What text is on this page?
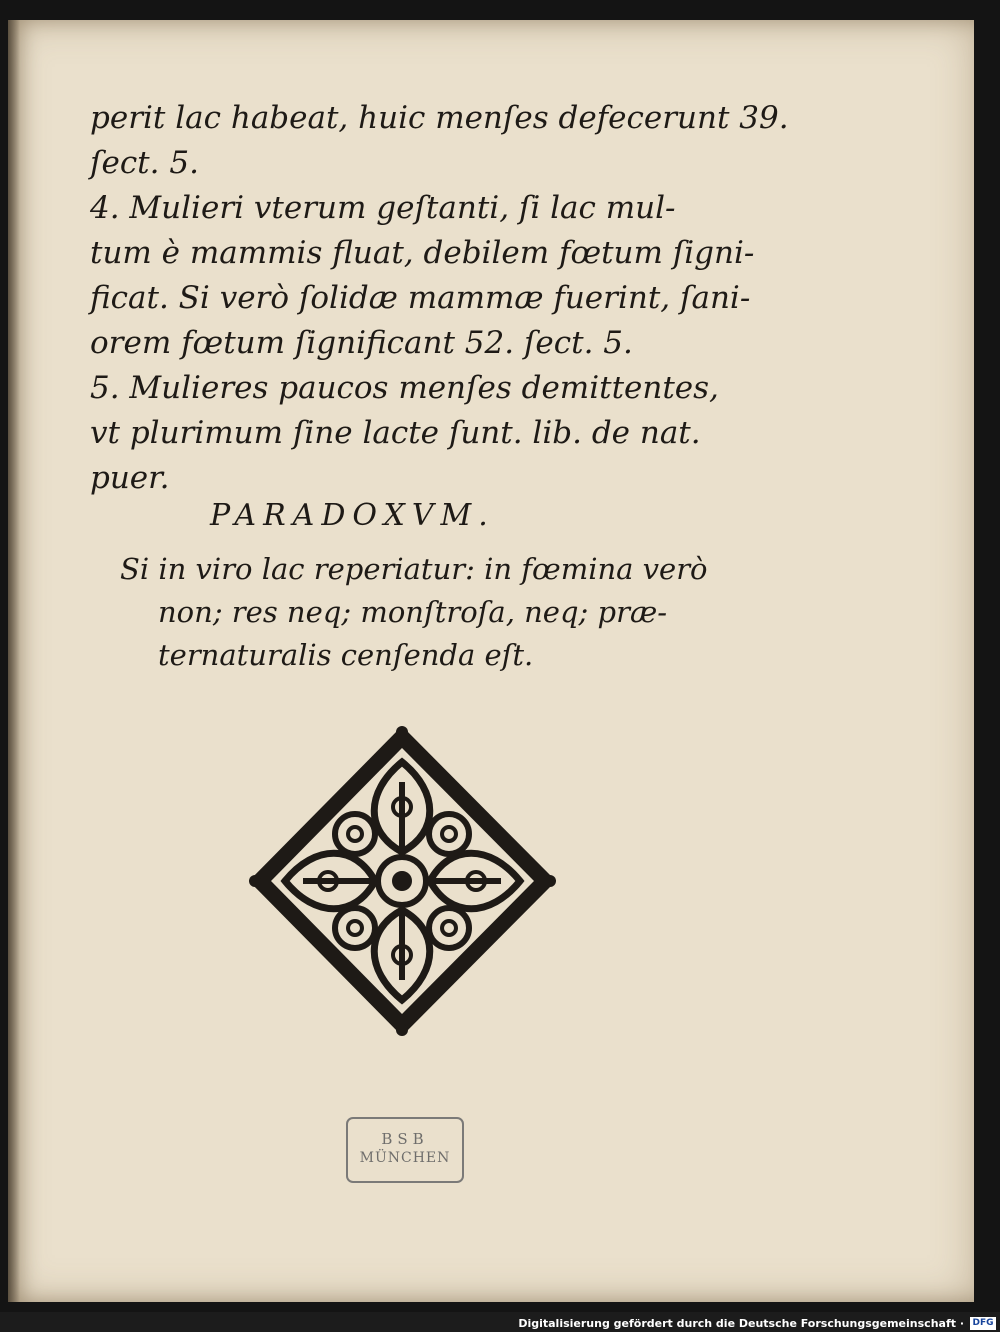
perit lac habeat, huic menſes defecerunt 39.
ſect. 5.
4. Mulieri vterum geſtanti, ſi lac mul-
tum è mammis fluat, debilem fœtum ſigni-
ficat. Si verò ſolidæ mammæ fuerint, ſani-
orem fœtum ſignificant 52. ſect. 5.
5. Mulieres paucos menſes demittentes,
vt plurimum ſine lacte ſunt. lib. de nat.
puer.
PARADOXVM.
Si in viro lac reperiatur: in fœmina verò
non; res neq; monſtroſa, neq; præ-
ternaturalis cenſenda eſt.
BSB
MÜNCHEN
Digitalisierung gefördert durch die Deutsche Forschungsgemeinschaft · DFG
